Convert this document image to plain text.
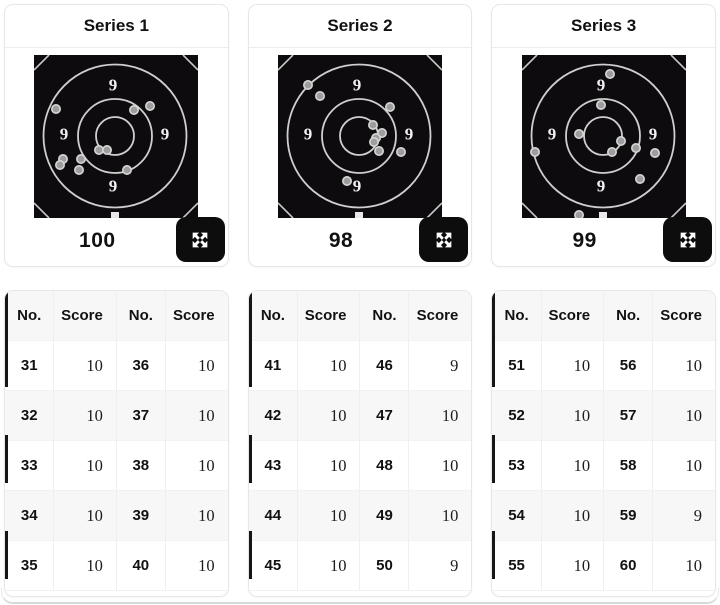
Series 1
9
9	9
9
100
Series 2
9
9	9
9
98
Series 3
9
9	9
9
99
No.	Score	No.	Score
31	10	36	10
32	10	37	10
33	10	38	10
34	10	39	10
35	10	40	10
No.	Score	No.	Score
41	10	46	9
42	10	47	10
43	10	48	10
44	10	49	10
45	10	50	9
No.	Score	No.	Score
51	10	56	10
52	10	57	10
53	10	58	10
54	10	59	9
55	10	60	10
